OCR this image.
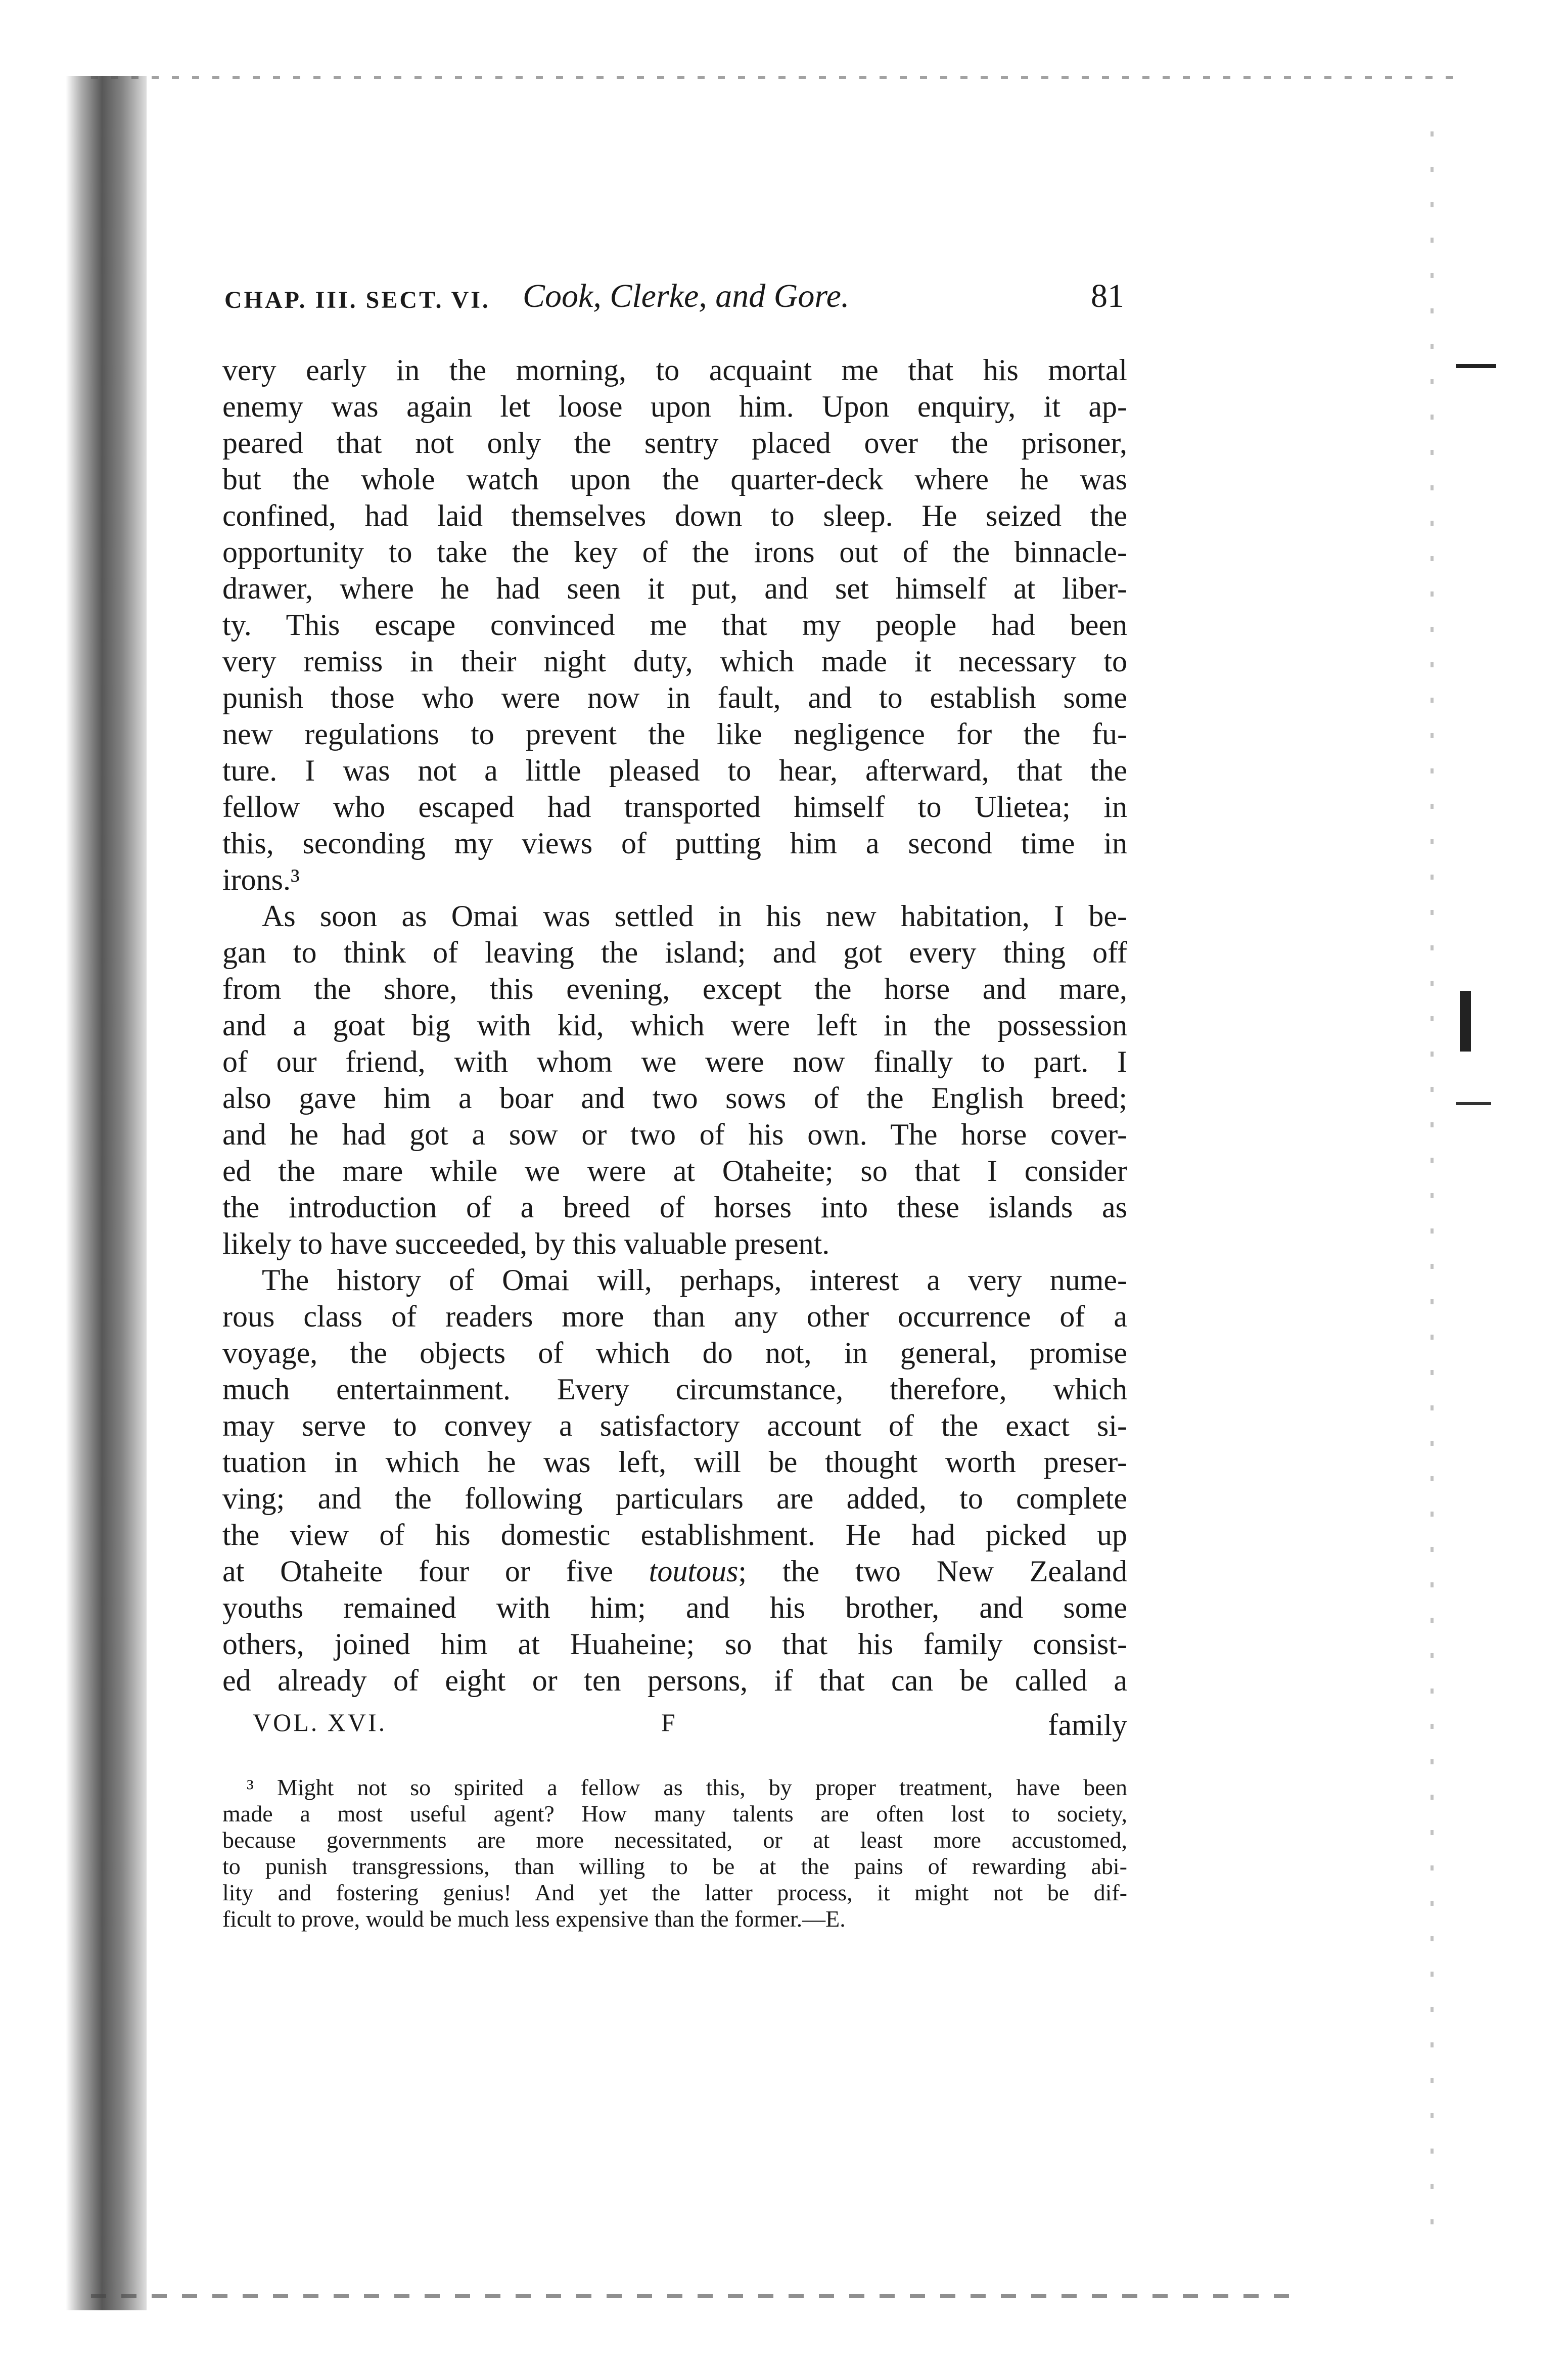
CHAP. III. SECT. VI. Cook, Clerke, and Gore.	81
very early in the morning, to acquaint me that his mortal
enemy was again let loose upon him. Upon enquiry, it ap-
peared that not only the sentry placed over the prisoner,
but the whole watch upon the quarter-deck where he was
confined, had laid themselves down to sleep. He seized the
opportunity to take the key of the irons out of the binnacle-
drawer, where he had seen it put, and set himself at liber-
ty. This escape convinced me that my people had been
very remiss in their night duty, which made it necessary to
punish those who were now in fault, and to establish some
new regulations to prevent the like negligence for the fu-
ture. I was not a little pleased to hear, afterward, that the
fellow who escaped had transported himself to Ulietea; in
this, seconding my views of putting him a second time in
irons.³
As soon as Omai was settled in his new habitation, I be-
gan to think of leaving the island; and got every thing off
from the shore, this evening, except the horse and mare,
and a goat big with kid, which were left in the possession
of our friend, with whom we were now finally to part. I
also gave him a boar and two sows of the English breed;
and he had got a sow or two of his own. The horse cover-
ed the mare while we were at Otaheite; so that I consider
the introduction of a breed of horses into these islands as
likely to have succeeded, by this valuable present.
The history of Omai will, perhaps, interest a very nume-
rous class of readers more than any other occurrence of a
voyage, the objects of which do not, in general, promise
much entertainment. Every circumstance, therefore, which
may serve to convey a satisfactory account of the exact si-
tuation in which he was left, will be thought worth preser-
ving; and the following particulars are added, to complete
the view of his domestic establishment. He had picked up
at Otaheite four or five toutous; the two New Zealand
youths remained with him; and his brother, and some
others, joined him at Huaheine; so that his family consist-
ed already of eight or ten persons, if that can be called a
VOL. XVI.	F	family
³ Might not so spirited a fellow as this, by proper treatment, have been
made a most useful agent? How many talents are often lost to society,
because governments are more necessitated, or at least more accustomed,
to punish transgressions, than willing to be at the pains of rewarding abi-
lity and fostering genius! And yet the latter process, it might not be dif-
ficult to prove, would be much less expensive than the former.—E.
